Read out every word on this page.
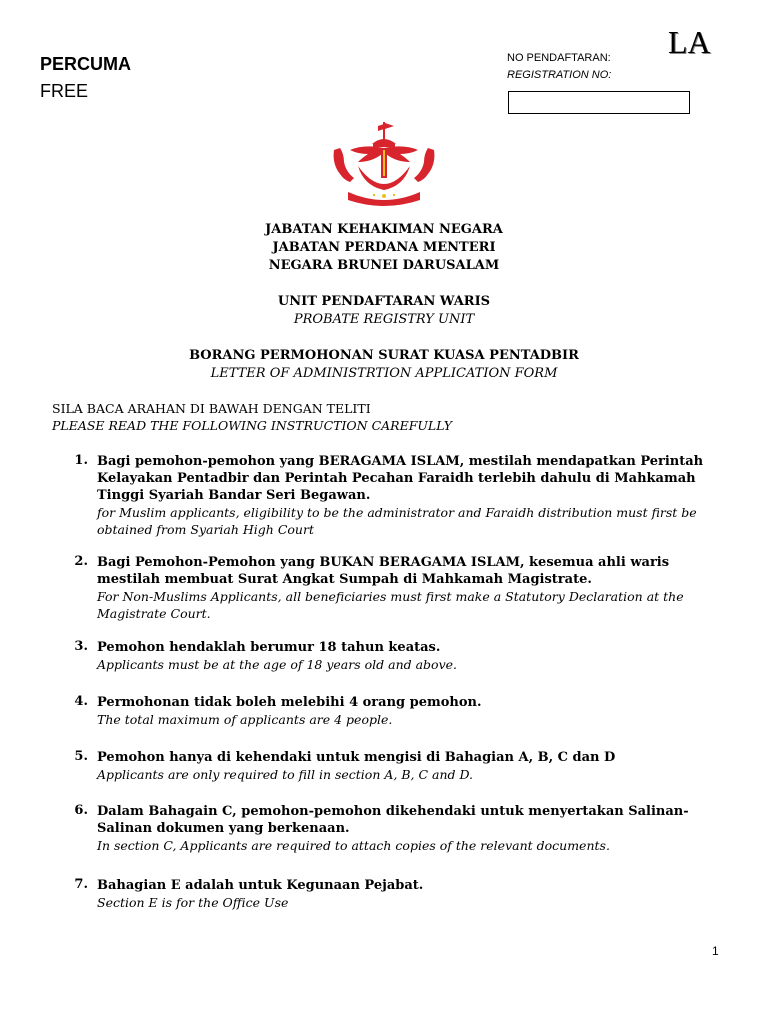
PERCUMA
FREE
LA
NO PENDAFTARAN:
REGISTRATION NO:
JABATAN KEHAKIMAN NEGARA
JABATAN PERDANA MENTERI
NEGARA BRUNEI DARUSALAM
UNIT PENDAFTARAN WARIS
PROBATE REGISTRY UNIT
BORANG PERMOHONAN SURAT KUASA PENTADBIR
LETTER OF ADMINISTRTION APPLICATION FORM
SILA BACA ARAHAN DI BAWAH DENGAN TELITI
PLEASE READ THE FOLLOWING INSTRUCTION CAREFULLY
1. Bagi pemohon-pemohon yang BERAGAMA ISLAM, mestilah mendapatkan Perintah Kelayakan Pentadbir dan Perintah Pecahan Faraidh terlebih dahulu di Mahkamah Tinggi Syariah Bandar Seri Begawan.
for Muslim applicants, eligibility to be the administrator and Faraidh distribution must first be obtained from Syariah High Court
2. Bagi Pemohon-Pemohon yang BUKAN BERAGAMA ISLAM, kesemua ahli waris mestilah membuat Surat Angkat Sumpah di Mahkamah Magistrate.
For Non-Muslims Applicants, all beneficiaries must first make a Statutory Declaration at the Magistrate Court.
3. Pemohon hendaklah berumur 18 tahun keatas.
Applicants must be at the age of 18 years old and above.
4. Permohonan tidak boleh melebihi 4 orang pemohon.
The total maximum of applicants are 4 people.
5. Pemohon hanya di kehendaki untuk mengisi di Bahagian A, B, C dan D
Applicants are only required to fill in section A, B, C and D.
6. Dalam Bahagain C, pemohon-pemohon dikehendaki untuk menyertakan Salinan-Salinan dokumen yang berkenaan.
In section C, Applicants are required to attach copies of the relevant documents.
7. Bahagian E adalah untuk Kegunaan Pejabat.
Section E is for the Office Use
1
